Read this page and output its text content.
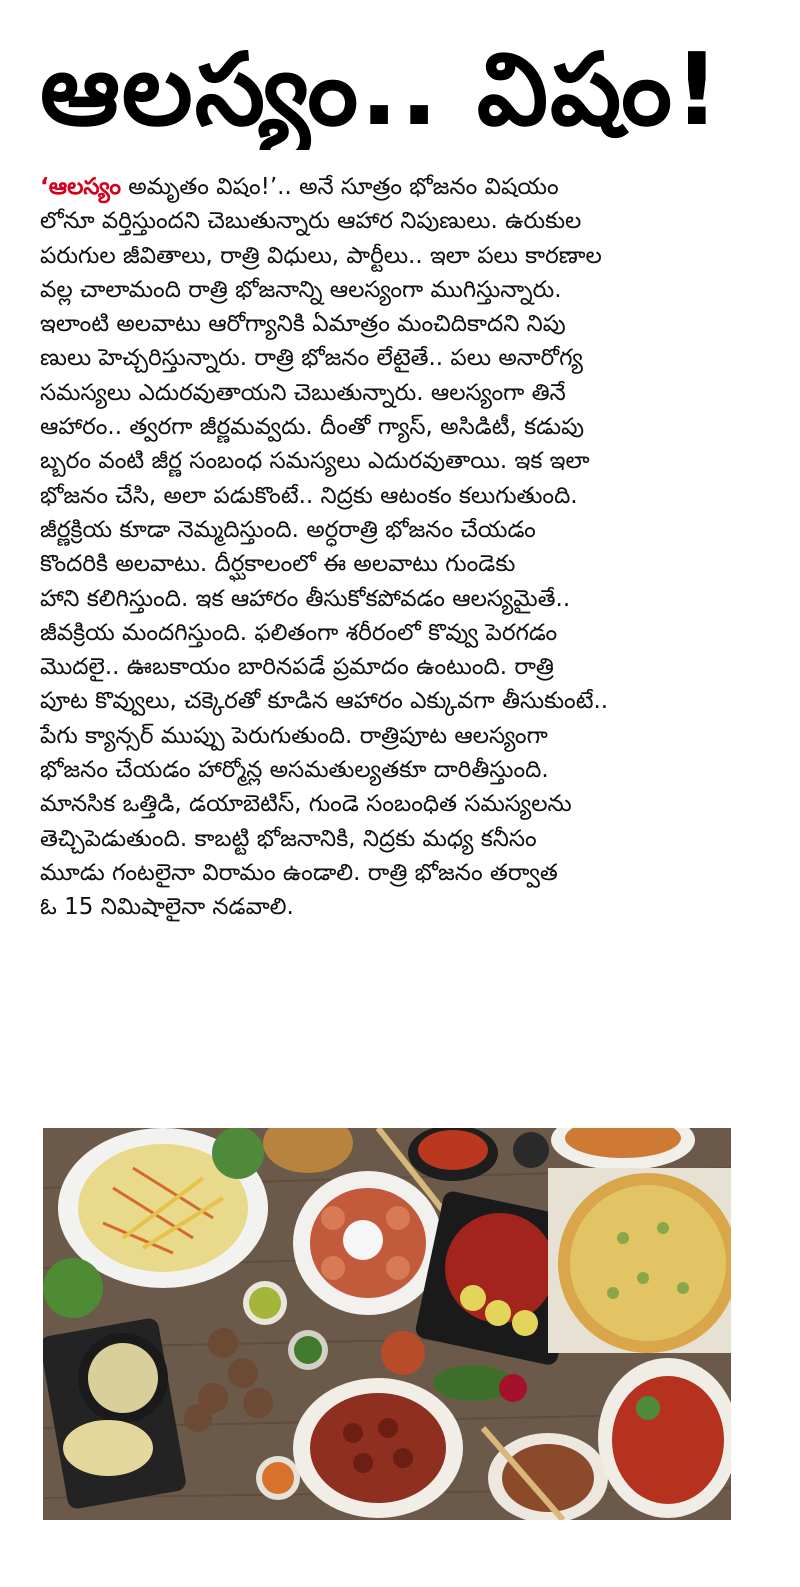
ఆలస్యం.. విషం!
‘ఆలస్యం అమృతం విషం!’.. అనే సూత్రం భోజనం విషయం
లోనూ వర్తిస్తుందని చెబుతున్నారు ఆహార నిపుణులు. ఉరుకుల
పరుగుల జీవితాలు, రాత్రి విధులు, పార్టీలు.. ఇలా పలు కారణాల
వల్ల చాలామంది రాత్రి భోజనాన్ని ఆలస్యంగా ముగిస్తున్నారు.
ఇలాంటి అలవాటు ఆరోగ్యానికి ఏమాత్రం మంచిదికాదని నిపు
ణులు హెచ్చరిస్తున్నారు. రాత్రి భోజనం లేటైతే.. పలు అనారోగ్య
సమస్యలు ఎదురవుతాయని చెబుతున్నారు. ఆలస్యంగా తినే
ఆహారం.. త్వరగా జీర్ణమవ్వదు. దీంతో గ్యాస్, అసిడిటీ, కడుపు
బ్బరం వంటి జీర్ణ సంబంధ సమస్యలు ఎదురవుతాయి. ఇక ఇలా
భోజనం చేసి, అలా పడుకొంటే.. నిద్రకు ఆటంకం కలుగుతుంది.
జీర్ణక్రియ కూడా నెమ్మదిస్తుంది. అర్ధరాత్రి భోజనం చేయడం
కొందరికి అలవాటు. దీర్ఘకాలంలో ఈ అలవాటు గుండెకు
హాని కలిగిస్తుంది. ఇక ఆహారం తీసుకోకపోవడం ఆలస్యమైతే..
జీవక్రియ మందగిస్తుంది. ఫలితంగా శరీరంలో కొవ్వు పెరగడం
మొదలై.. ఊబకాయం బారినపడే ప్రమాదం ఉంటుంది. రాత్రి
పూట కొవ్వులు, చక్కెరతో కూడిన ఆహారం ఎక్కువగా తీసుకుంటే..
పేగు క్యాన్సర్ ముప్పు పెరుగుతుంది. రాత్రిపూట ఆలస్యంగా
భోజనం చేయడం హార్మోన్ల అసమతుల్యతకూ దారితీస్తుంది.
మానసిక ఒత్తిడి, డయాబెటిస్, గుండె సంబంధిత సమస్యలను
తెచ్చిపెడుతుంది. కాబట్టి భోజనానికి, నిద్రకు మధ్య కనీసం
మూడు గంటలైనా విరామం ఉండాలి. రాత్రి భోజనం తర్వాత
ఓ 15 నిమిషాలైనా నడవాలి.
